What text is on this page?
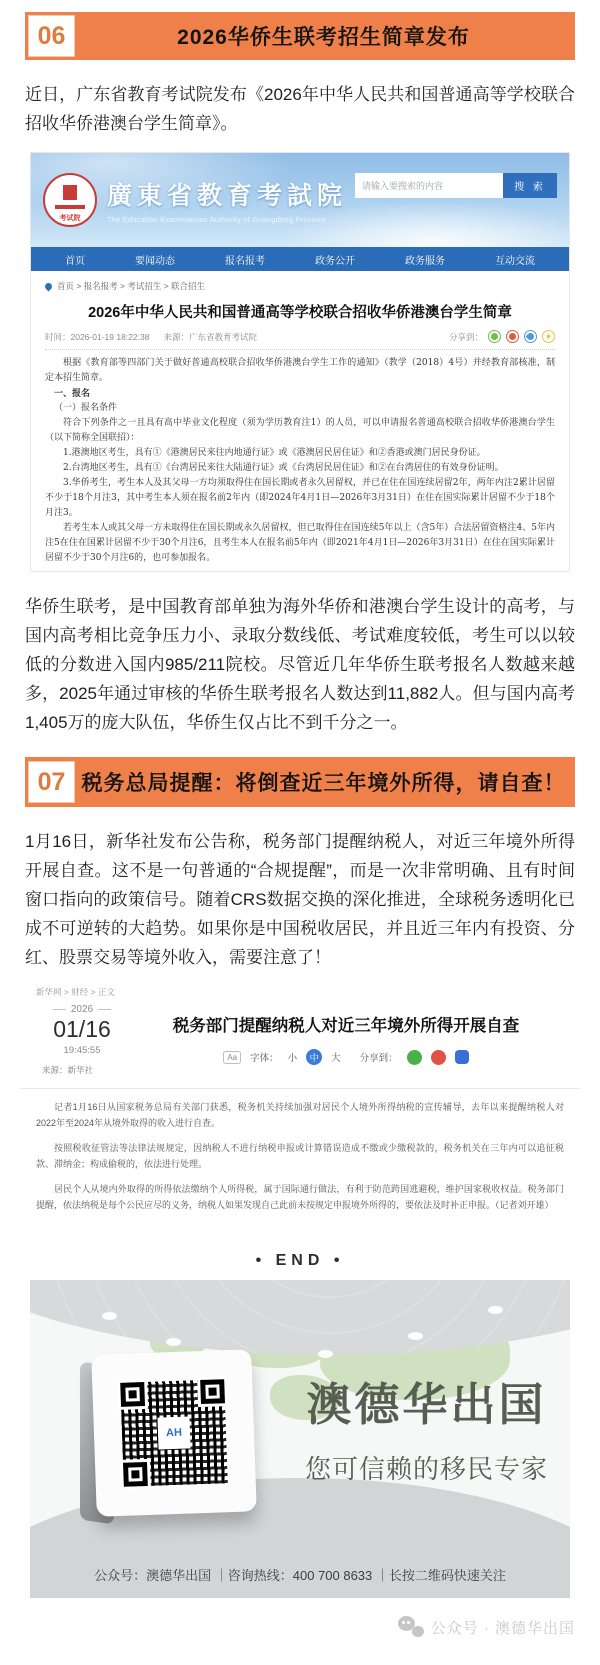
06	2026华侨生联考招生简章发布

近日，广东省教育考试院发布《2026年中华人民共和国普通高等学校联合招收华侨港澳台学生简章》。

考试院
廣東省教育考試院
The Education Examinations Authority of Guangdong Province
请输入要搜索的内容
搜 索
首页	要闻动态	报名报考	政务公开	政务服务	互动交流
首页 > 报名报考 > 考试招生 > 联合招生
2026年中华人民共和国普通高等学校联合招收华侨港澳台学生简章
时间：2026-01-19 18:22:38 来源：广东省教育考试院	分享到：	★

根据《教育部等四部门关于做好普通高校联合招收华侨港澳台学生工作的通知》（教学（2018）4号）并经教育部核准，制定本招生简章。

一、报名

（一）报名条件

符合下列条件之一且具有高中毕业文化程度（须为学历教育注1）的人员，可以申请报名普通高校联合招收华侨港澳台学生（以下简称全国联招）：

1.港澳地区考生，具有①《港澳居民来往内地通行证》或《港澳居民居住证》和②香港或澳门居民身份证。

2.台湾地区考生，具有①《台湾居民来往大陆通行证》或《台湾居民居住证》和②在台湾居住的有效身份证明。

3.华侨考生，考生本人及其父母一方均须取得住在国长期或者永久居留权，并已在住在国连续居留2年，两年内注2累计居留不少于18个月注3，其中考生本人须在报名前2年内（即2024年4月1日—2026年3月31日）在住在国实际累计居留不少于18个月注3。

若考生本人或其父母一方未取得住在国长期或永久居留权，但已取得住在国连续5年以上（含5年）合法居留资格注4、5年内注5在住在国累计居留不少于30个月注6，且考生本人在报名前5年内（即2021年4月1日—2026年3月31日）在住在国实际累计居留不少于30个月注6的，也可参加报名。

华侨生联考，是中国教育部单独为海外华侨和港澳台学生设计的高考，与国内高考相比竞争压力小、录取分数线低、考试难度较低，考生可以以较低的分数进入国内985/211院校。尽管近几年华侨生联考报名人数越来越多，2025年通过审核的华侨生联考报名人数达到11,882人。但与国内高考1,405万的庞大队伍，华侨生仅占比不到千分之一。

07 税务总局提醒：将倒查近三年境外所得，请自查！

1月16日，新华社发布公告称，税务部门提醒纳税人，对近三年境外所得开展自查。这不是一句普通的“合规提醒”，而是一次非常明确、且有时间窗口指向的政策信号。随着CRS数据交换的深化推进，全球税务透明化已成不可逆转的大趋势。如果你是中国税收居民，并且近三年内有投资、分红、股票交易等境外收入，需要注意了！

新华网 > 财经 > 正文
2026
01/16
19:45:55
来源：新华社
税务部门提醒纳税人对近三年境外所得开展自查
Aa	字体： 小	中	大 分享到：

记者1月16日从国家税务总局有关部门获悉，税务机关持续加强对居民个人境外所得纳税的宣传辅导，去年以来提醒纳税人对2022年至2024年从境外取得的收入进行自查。

按照税收征管法等法律法规规定，因纳税人不进行纳税申报或计算错误造成不缴或少缴税款的，税务机关在三年内可以追征税款、滞纳金；构成偷税的，依法进行处理。

居民个人从境内外取得的所得依法缴纳个人所得税，属于国际通行做法，有利于防范跨国逃避税，维护国家税收权益。税务部门提醒，依法纳税是每个公民应尽的义务，纳税人如果发现自己此前未按规定申报境外所得的，要依法及时补正申报。（记者刘开雄）

• END •
AH
澳德华出国
您可信赖的移民专家
公众号：澳德华出国 ｜咨询热线：400 700 8633 ｜长按二维码快速关注
公众号 · 澳德华出国
